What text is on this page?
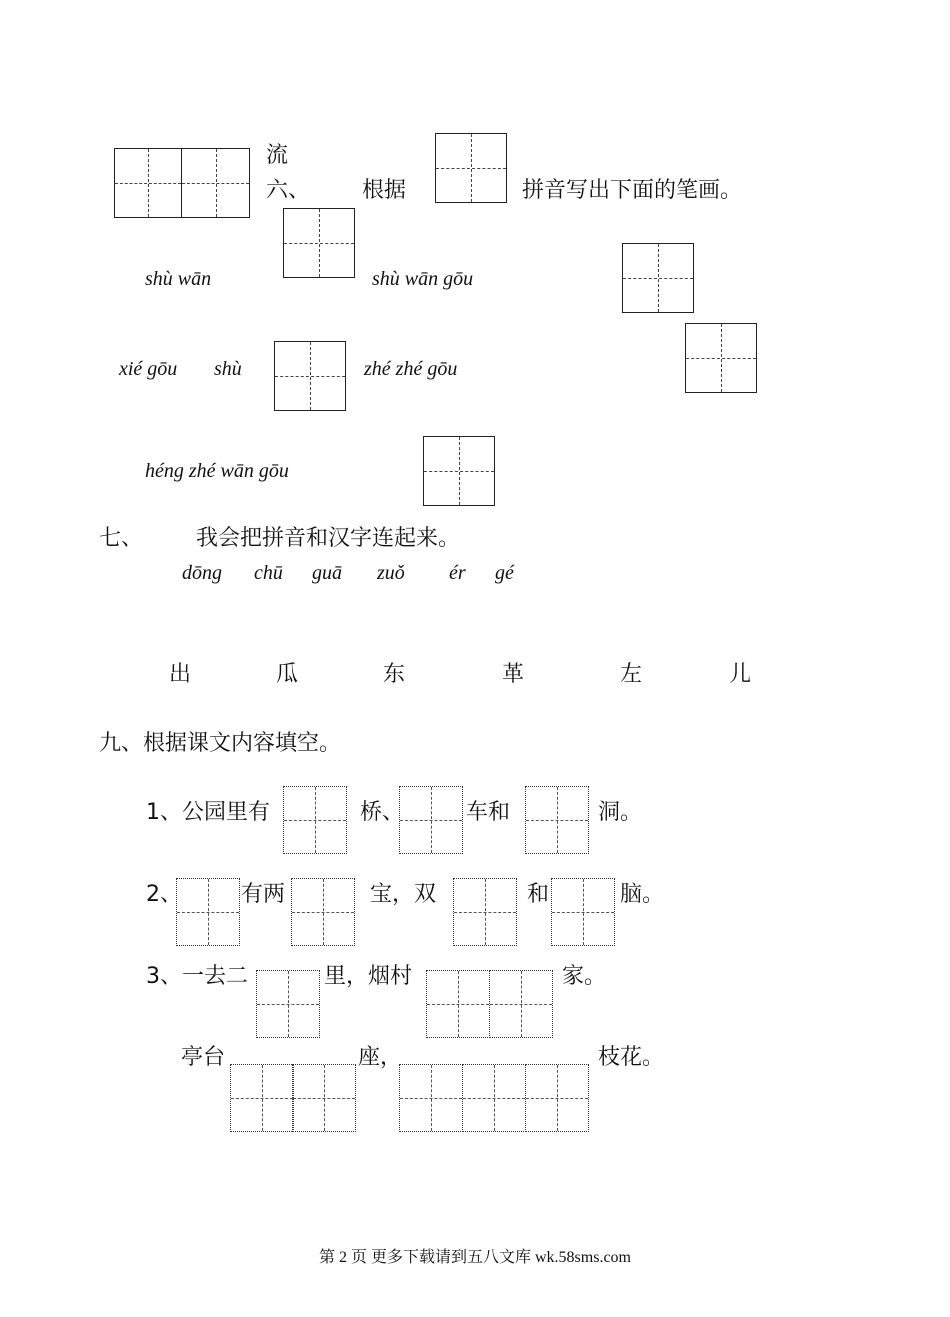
流
六、 根据	拼音写出下面的笔画。
shù wān	shù wān gōu
xié gōu shù	zhé zhé gōu
héng zhé wān gōu
七、 我会把拼音和汉字连起来。
dōng chū guā zuǒ ér gé
出	瓜	东	革	左	儿
九、根据课文内容填空。
1、公园里有	桥、	车和	洞。
2、	有两	宝，双	和	脑。
3、一去二	里，烟村	家。
亭台	座，	枝花。
第 2 页 更多下载请到五八文库 wk.58sms.com
